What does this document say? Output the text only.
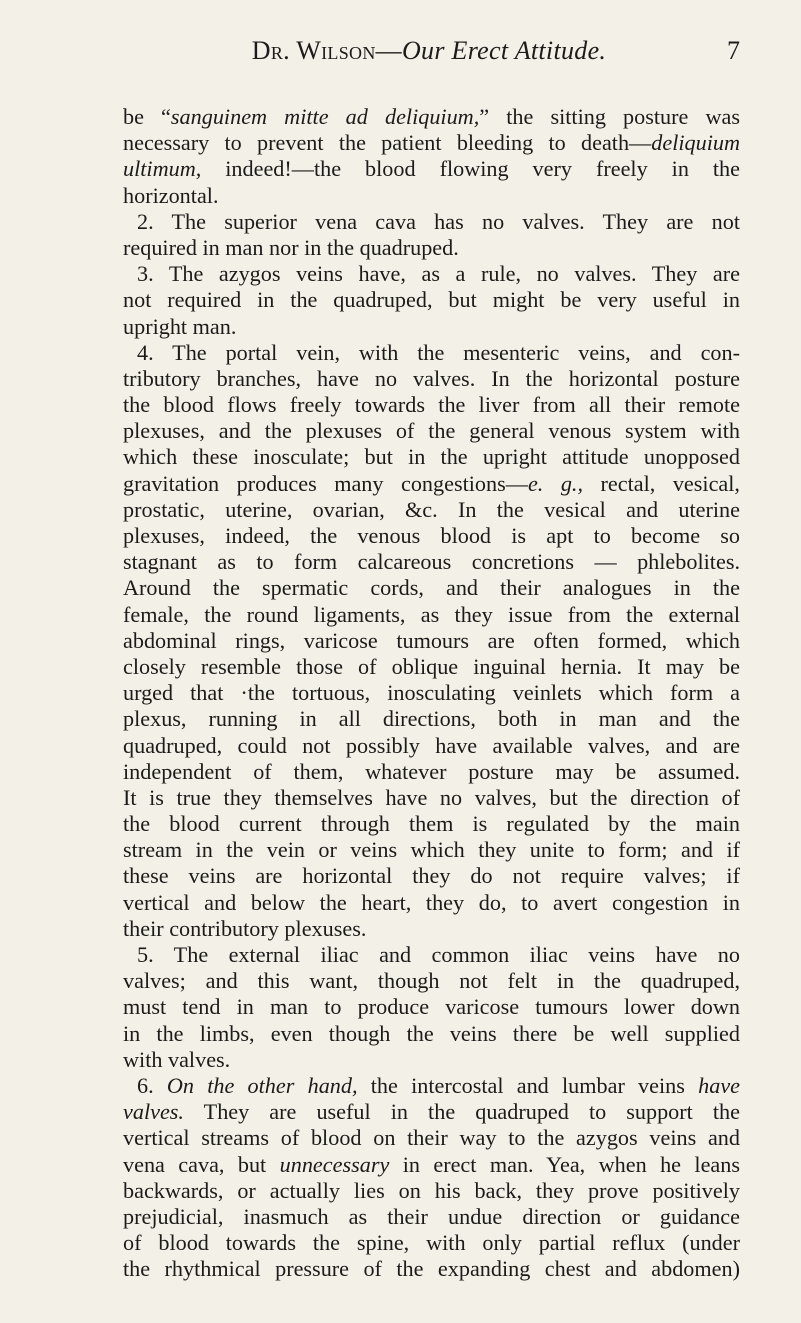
Dr. Wilson—Our Erect Attitude.	7
be “sanguinem mitte ad deliquium,” the sitting posture was
necessary to prevent the patient bleeding to death—deliquium
ultimum, indeed!—the blood flowing very freely in the
horizontal.
2. The superior vena cava has no valves. They are not
required in man nor in the quadruped.
3. The azygos veins have, as a rule, no valves. They are
not required in the quadruped, but might be very useful in
upright man.
4. The portal vein, with the mesenteric veins, and con-
tributory branches, have no valves. In the horizontal posture
the blood flows freely towards the liver from all their remote
plexuses, and the plexuses of the general venous system with
which these inosculate; but in the upright attitude unopposed
gravitation produces many congestions—e. g., rectal, vesical,
prostatic, uterine, ovarian, &c. In the vesical and uterine
plexuses, indeed, the venous blood is apt to become so
stagnant as to form calcareous concretions — phlebolites.
Around the spermatic cords, and their analogues in the
female, the round ligaments, as they issue from the external
abdominal rings, varicose tumours are often formed, which
closely resemble those of oblique inguinal hernia. It may be
urged that ·the tortuous, inosculating veinlets which form a
plexus, running in all directions, both in man and the
quadruped, could not possibly have available valves, and are
independent of them, whatever posture may be assumed.
It is true they themselves have no valves, but the direction of
the blood current through them is regulated by the main
stream in the vein or veins which they unite to form; and if
these veins are horizontal they do not require valves; if
vertical and below the heart, they do, to avert congestion in
their contributory plexuses.
5. The external iliac and common iliac veins have no
valves; and this want, though not felt in the quadruped,
must tend in man to produce varicose tumours lower down
in the limbs, even though the veins there be well supplied
with valves.
6. On the other hand, the intercostal and lumbar veins have
valves. They are useful in the quadruped to support the
vertical streams of blood on their way to the azygos veins and
vena cava, but unnecessary in erect man. Yea, when he leans
backwards, or actually lies on his back, they prove positively
prejudicial, inasmuch as their undue direction or guidance
of blood towards the spine, with only partial reflux (under
the rhythmical pressure of the expanding chest and abdomen)
